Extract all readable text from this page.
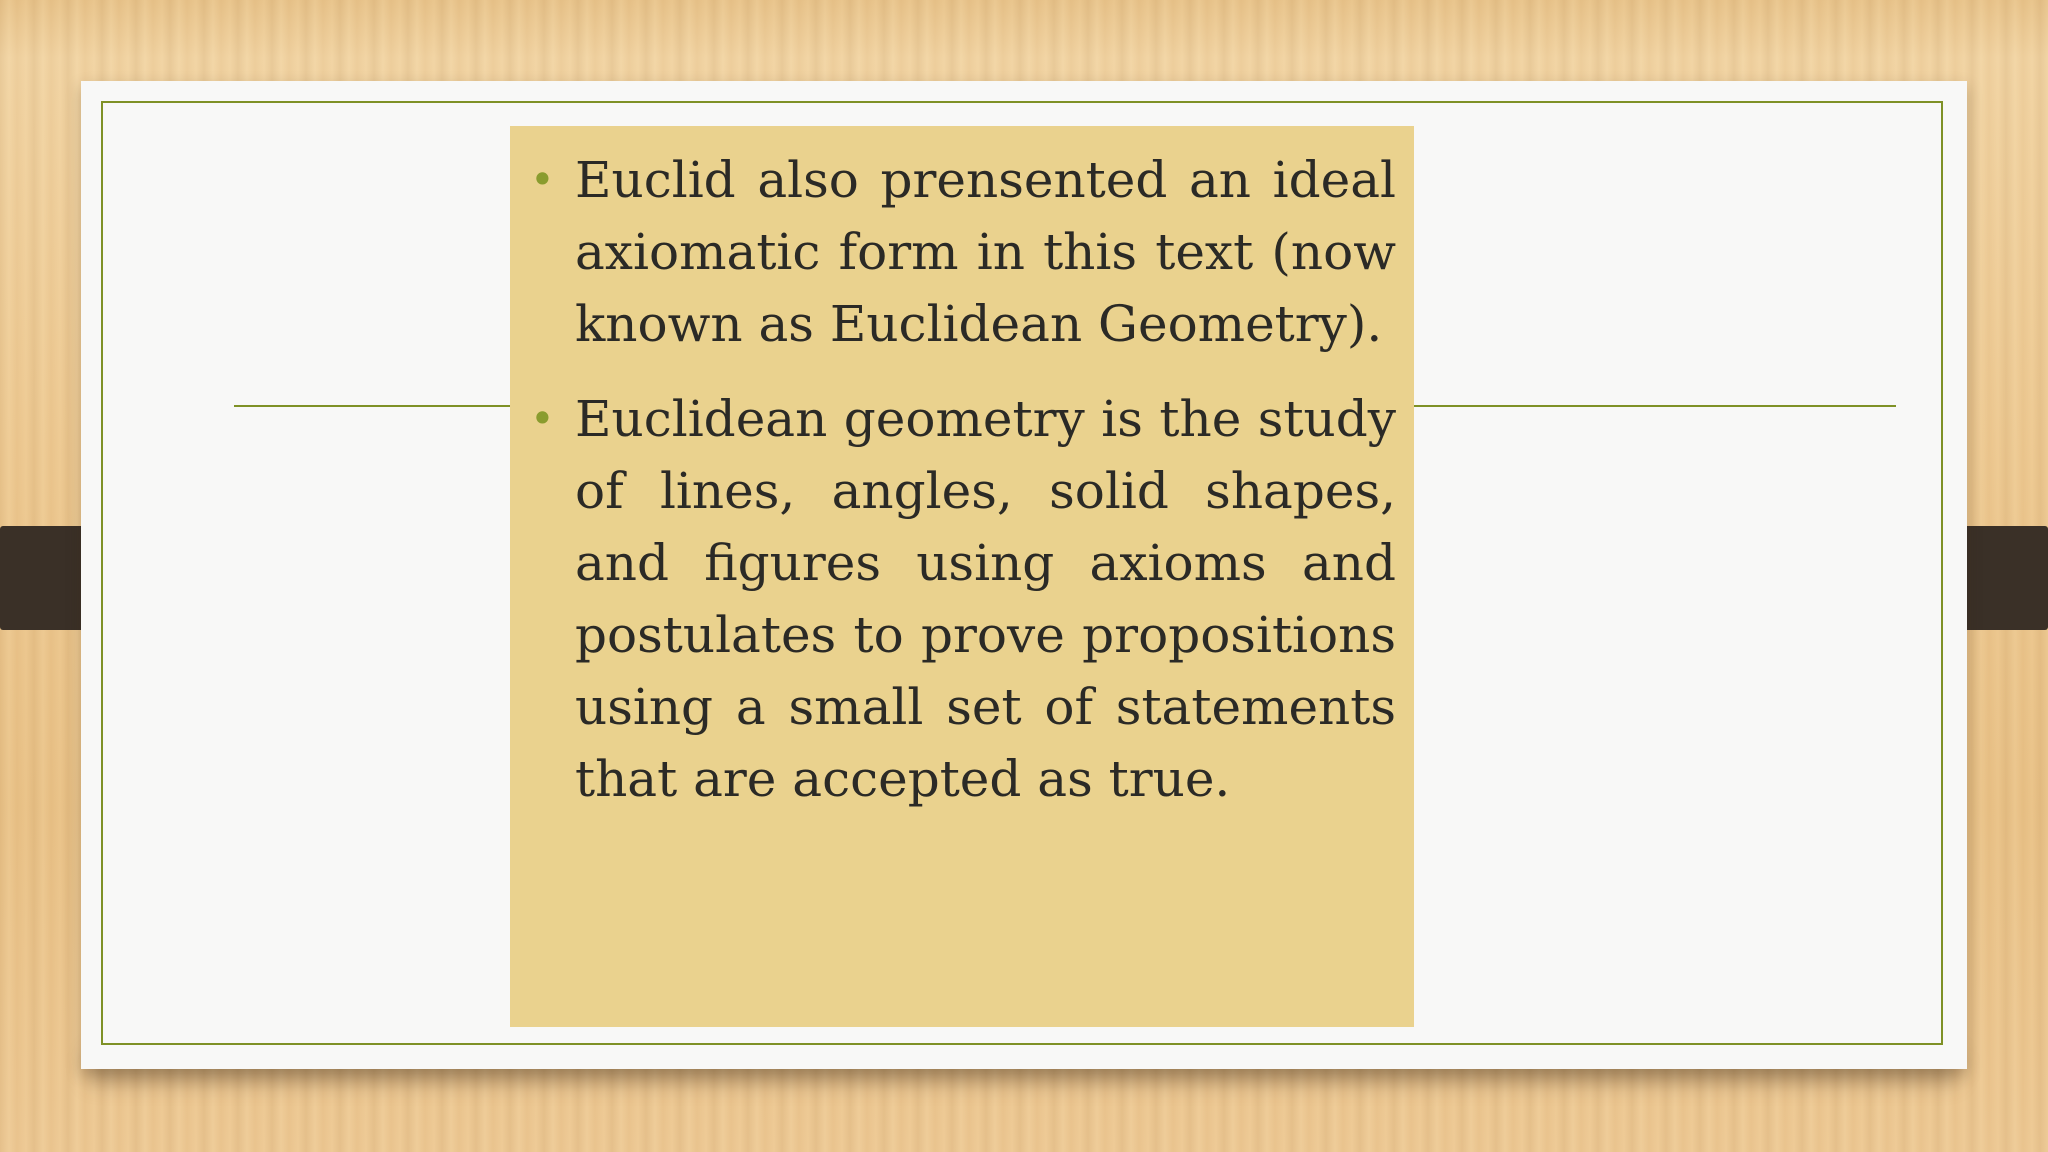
• Euclid also prensented an ideal axiomatic form in this text (now known as Euclidean Geometry).
• Euclidean geometry is the study of lines, angles, solid shapes, and figures using axioms and postulates to prove propositions using a small set of statements that are accepted as true.
